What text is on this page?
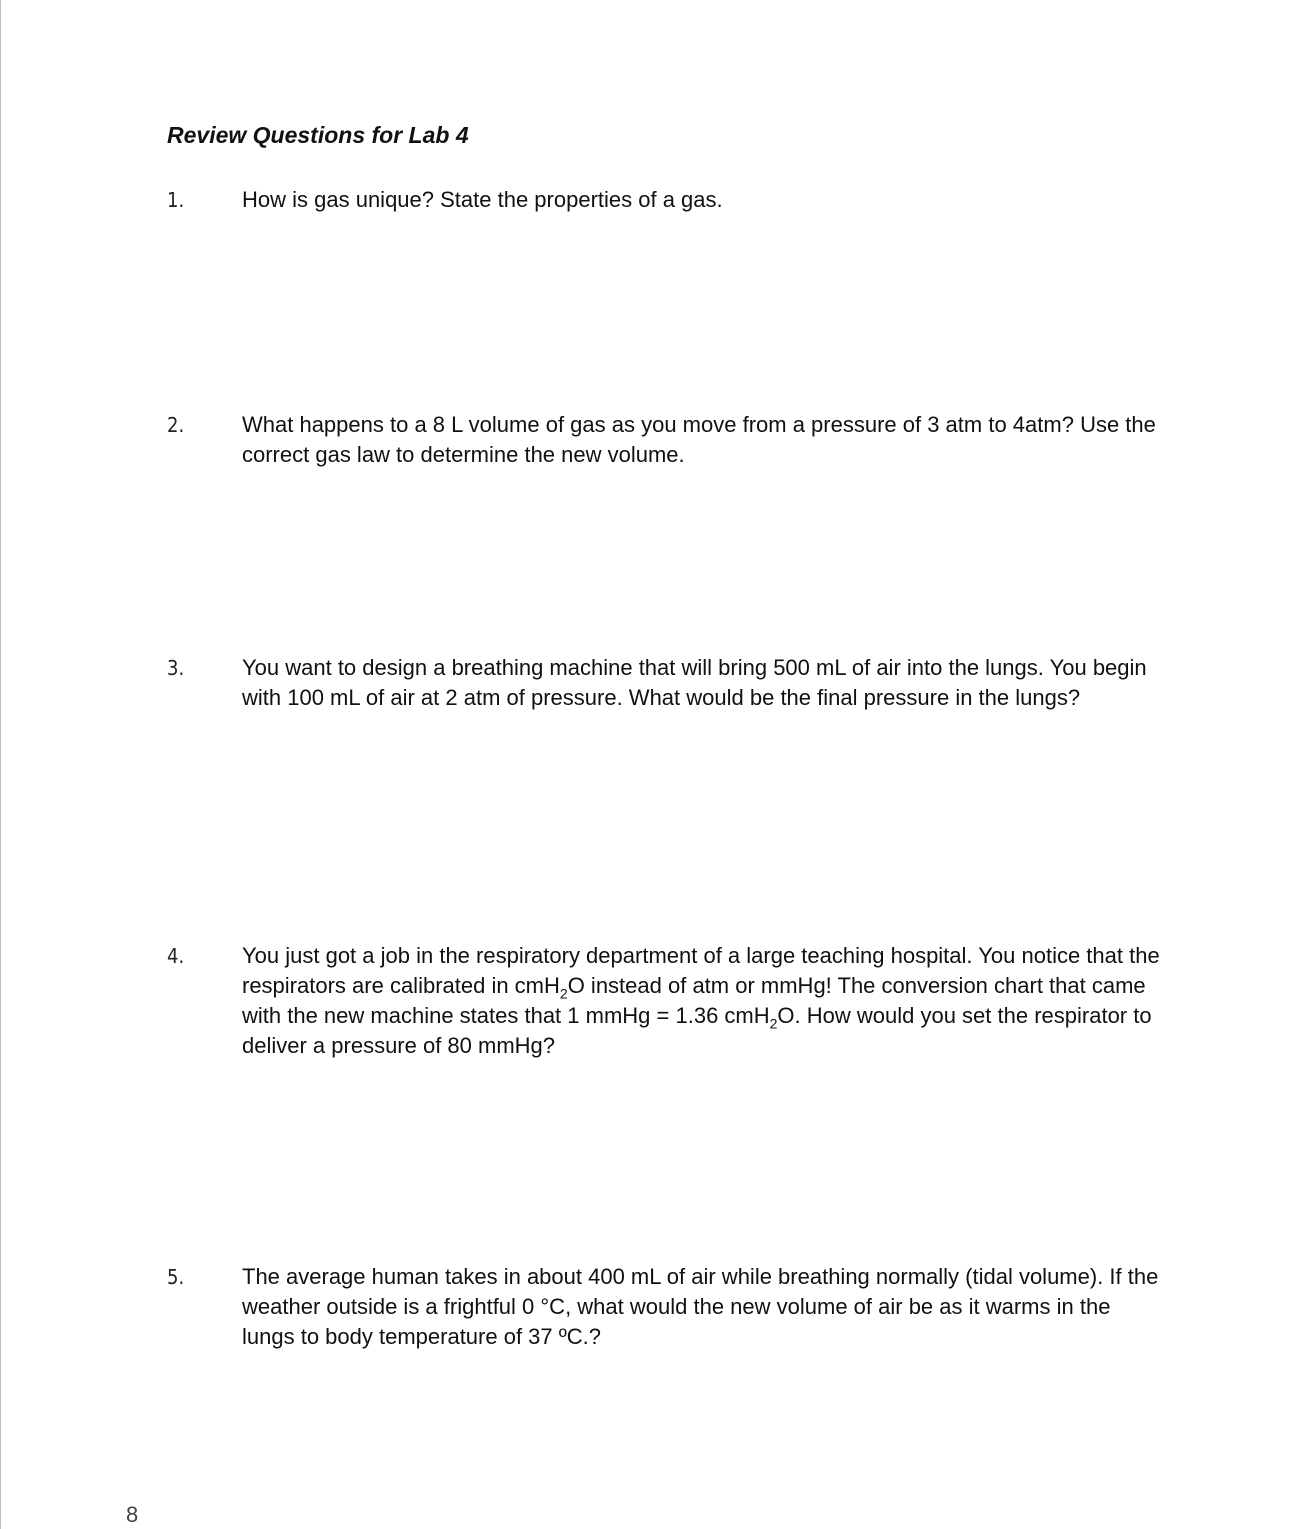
Review Questions for Lab 4
1.	How is gas unique? State the properties of a gas.

2.	What happens to a 8 L volume of gas as you move from a pressure of 3 atm to 4atm? Use the correct gas law to determine the new volume.

3.	You want to design a breathing machine that will bring 500 mL of air into the lungs. You begin with 100 mL of air at 2 atm of pressure. What would be the final pressure in the lungs?

4.	You just got a job in the respiratory department of a large teaching hospital. You notice that the respirators are calibrated in cmH$_2$O instead of atm or mmHg! The conversion chart that came with the new machine states that 1 mmHg = 1.36 cmH$_2$O. How would you set the respirator to deliver a pressure of 80 mmHg?

5.	The average human takes in about 400 mL of air while breathing normally (tidal volume). If the weather outside is a frightful 0 °C, what would the new volume of air be as it warms in the lungs to body temperature of 37 ºC.?

8
